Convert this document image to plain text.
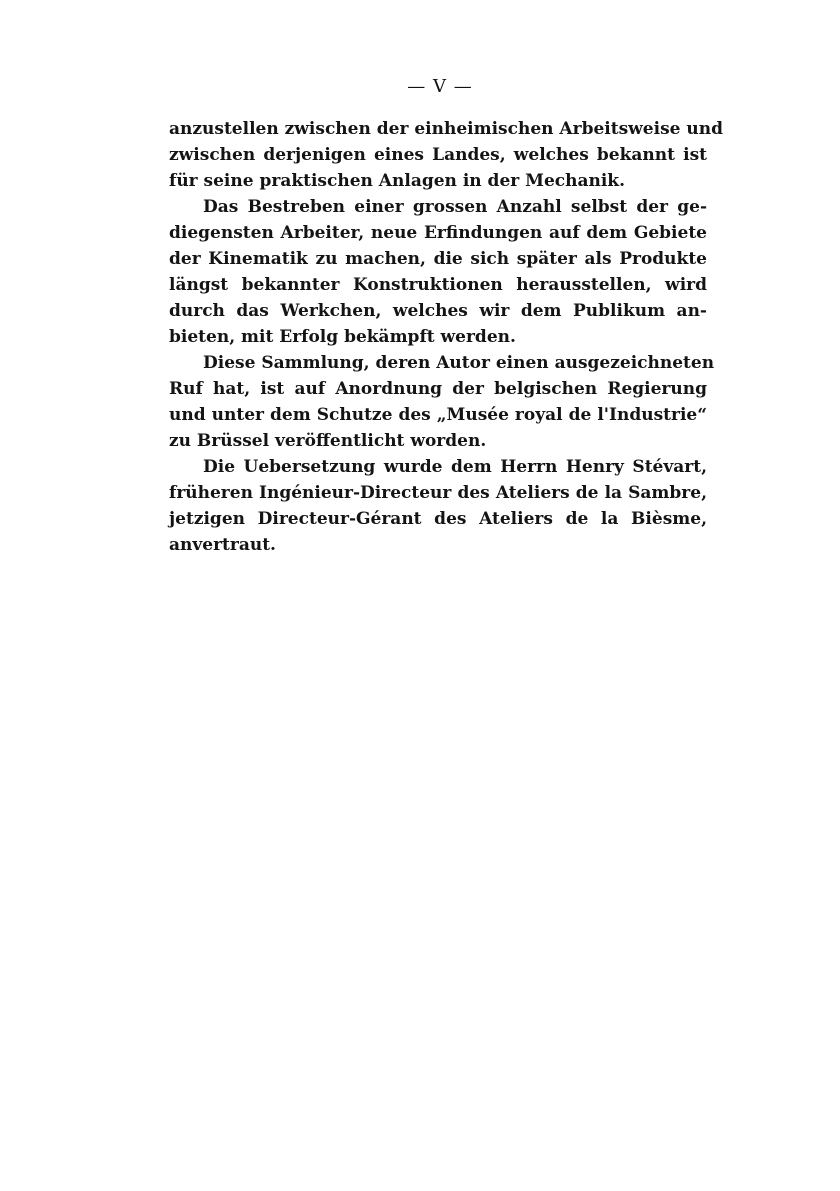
— V —
anzustellen zwischen der einheimischen Arbeitsweise und
zwischen derjenigen eines Landes, welches bekannt ist
für seine praktischen Anlagen in der Mechanik.
Das Bestreben einer grossen Anzahl selbst der ge-
diegensten Arbeiter, neue Erfindungen auf dem Gebiete
der Kinematik zu machen, die sich später als Produkte
längst bekannter Konstruktionen herausstellen, wird
durch das Werkchen, welches wir dem Publikum an-
bieten, mit Erfolg bekämpft werden.
Diese Sammlung, deren Autor einen ausgezeichneten
Ruf hat, ist auf Anordnung der belgischen Regierung
und unter dem Schutze des „Musée royal de l'Industrie“
zu Brüssel veröffentlicht worden.
Die Uebersetzung wurde dem Herrn Henry Stévart,
früheren Ingénieur-Directeur des Ateliers de la Sambre,
jetzigen Directeur-Gérant des Ateliers de la Bièsme,
anvertraut.
